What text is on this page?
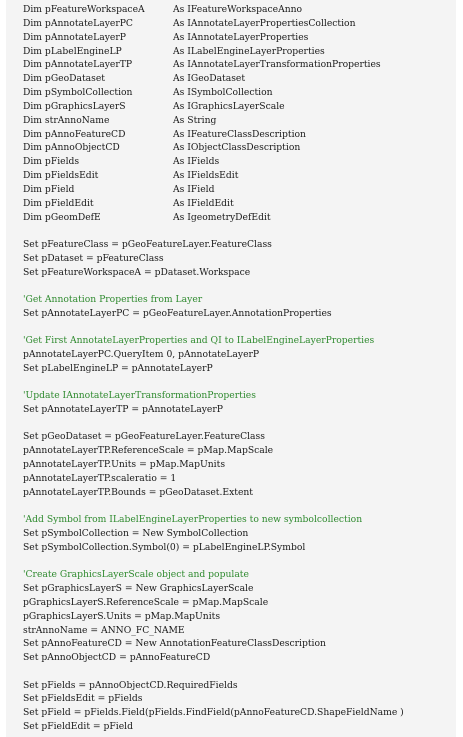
Dim pFeatureWorkspaceA	As IFeatureWorkspaceAnno
Dim pAnnotateLayerPC	As IAnnotateLayerPropertiesCollection
Dim pAnnotateLayerP	As IAnnotateLayerProperties
Dim pLabelEngineLP	As ILabelEngineLayerProperties
Dim pAnnotateLayerTP	As IAnnotateLayerTransformationProperties
Dim pGeoDataset	As IGeoDataset
Dim pSymbolCollection	As ISymbolCollection
Dim pGraphicsLayerS	As IGraphicsLayerScale
Dim strAnnoName	As String
Dim pAnnoFeatureCD	As IFeatureClassDescription
Dim pAnnoObjectCD	As IObjectClassDescription
Dim pFields	As IFields
Dim pFieldsEdit	As IFieldsEdit
Dim pField	As IField
Dim pFieldEdit	As IFieldEdit
Dim pGeomDefE	As IgeometryDefEdit
Set pFeatureClass = pGeoFeatureLayer.FeatureClass
Set pDataset = pFeatureClass
Set pFeatureWorkspaceA = pDataset.Workspace
'Get Annotation Properties from Layer
Set pAnnotateLayerPC = pGeoFeatureLayer.AnnotationProperties
'Get First AnnotateLayerProperties and QI to ILabelEngineLayerProperties
pAnnotateLayerPC.QueryItem 0, pAnnotateLayerP
Set pLabelEngineLP = pAnnotateLayerP
'Update IAnnotateLayerTransformationProperties
Set pAnnotateLayerTP = pAnnotateLayerP
Set pGeoDataset = pGeoFeatureLayer.FeatureClass
pAnnotateLayerTP.ReferenceScale = pMap.MapScale
pAnnotateLayerTP.Units = pMap.MapUnits
pAnnotateLayerTP.scaleratio = 1
pAnnotateLayerTP.Bounds = pGeoDataset.Extent
'Add Symbol from ILabelEngineLayerProperties to new symbolcollection
Set pSymbolCollection = New SymbolCollection
Set pSymbolCollection.Symbol(0) = pLabelEngineLP.Symbol
'Create GraphicsLayerScale object and populate
Set pGraphicsLayerS = New GraphicsLayerScale
pGraphicsLayerS.ReferenceScale = pMap.MapScale
pGraphicsLayerS.Units = pMap.MapUnits
strAnnoName = ANNO_FC_NAME
Set pAnnoFeatureCD = New AnnotationFeatureClassDescription
Set pAnnoObjectCD = pAnnoFeatureCD
Set pFields = pAnnoObjectCD.RequiredFields
Set pFieldsEdit = pFields
Set pField = pFields.Field(pFields.FindField(pAnnoFeatureCD.ShapeFieldName )
Set pFieldEdit = pField
